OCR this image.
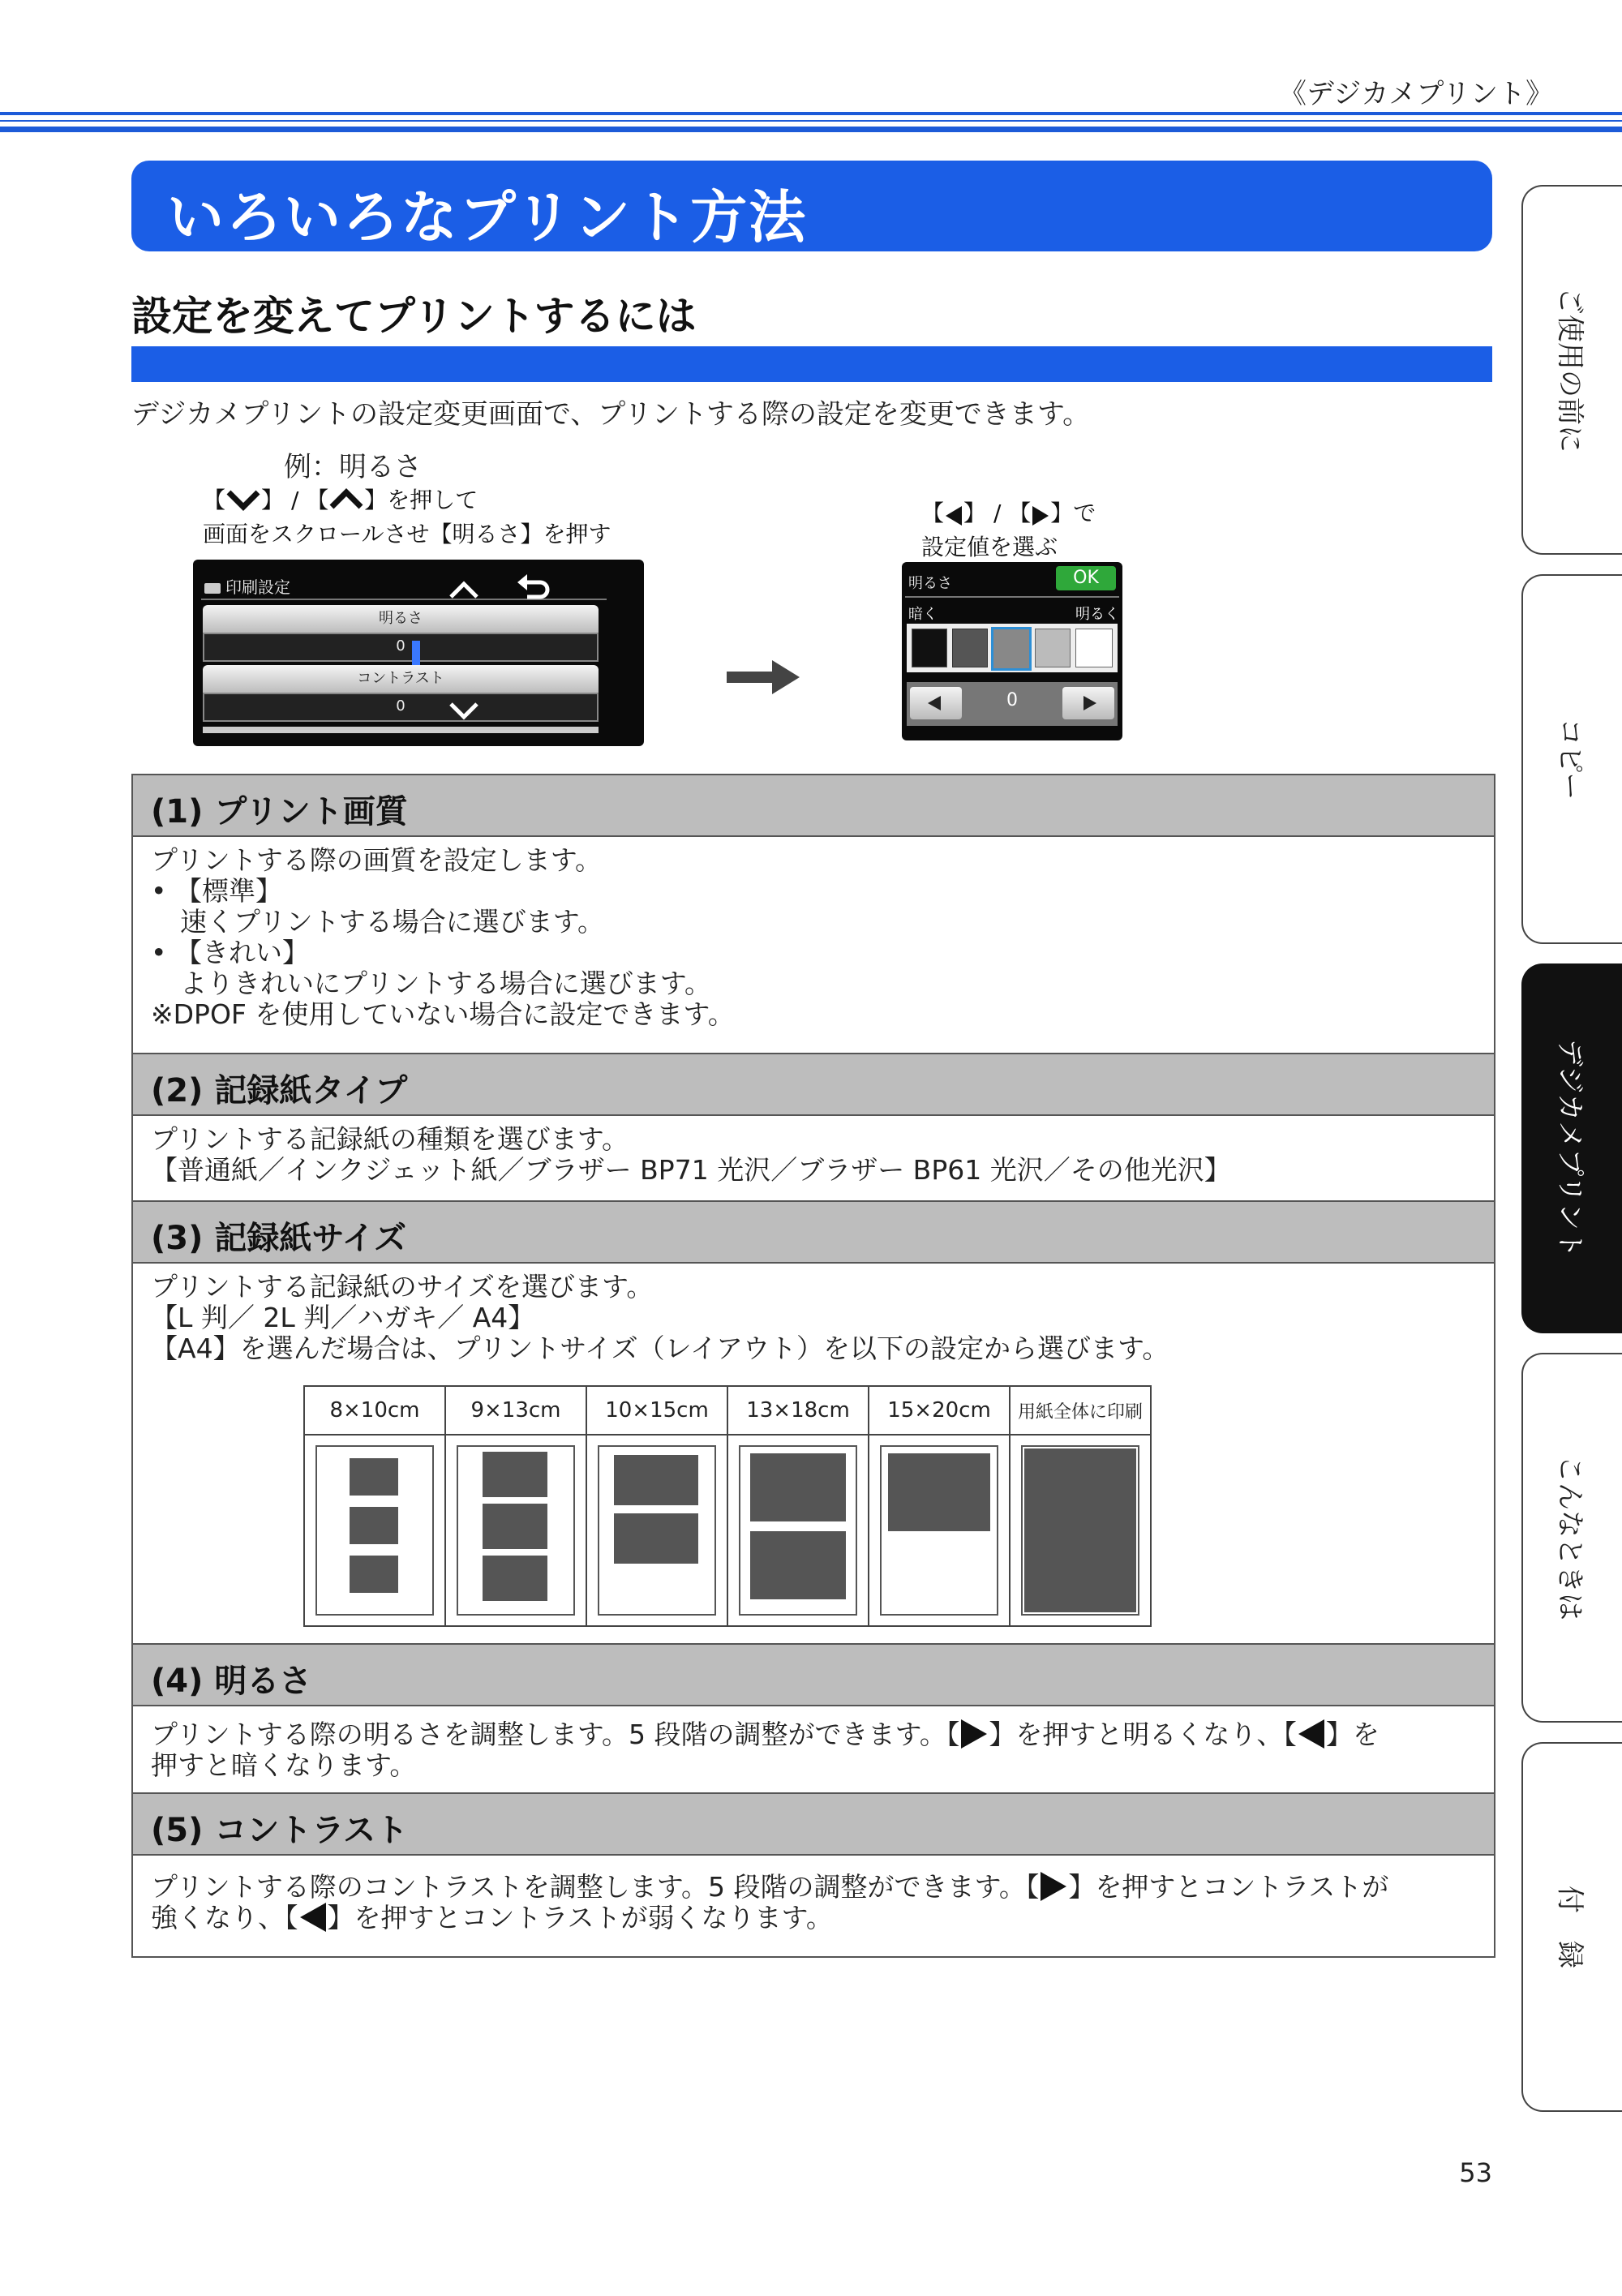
《デジカメプリント》
いろいろなプリント方法
設定を変えてプリントするには
デジカメプリントの設定変更画面で、プリントする際の設定を変更できます。
例：明るさ
【 】 / 【 】を押して
画面をスクロールさせ【明るさ】を押す
【 】 / 【 】で
設定値を選ぶ
印刷設定
明るさ
0
コントラスト
0
明るさ	OK
暗く	明るく
0
(1) プリント画質
プリントする際の画質を設定します。
• 【標準】
速くプリントする場合に選びます。
• 【きれい】
よりきれいにプリントする場合に選びます。
※DPOF を使用していない場合に設定できます。
(2) 記録紙タイプ
プリントする記録紙の種類を選びます。
【普通紙／インクジェット紙／ブラザー BP71 光沢／ブラザー BP61 光沢／その他光沢】
(3) 記録紙サイズ
プリントする記録紙のサイズを選びます。
【L 判／ 2L 判／ハガキ／ A4】
【A4】を選んだ場合は、プリントサイズ（レイアウト）を以下の設定から選びます。
8×10cm	9×13cm	10×15cm	13×18cm	15×20cm	用紙全体に印刷

(4) 明るさ
プリントする際の明るさを調整します。5 段階の調整ができます。【 】を押すと明るくなり、【 】を
押すと暗くなります。
(5) コントラスト
プリントする際のコントラストを調整します。5 段階の調整ができます。【 】を押すとコントラストが
強くなり、【 】を押すとコントラストが弱くなります。
ご使用の前に
コピー
デジカメプリント
こんなときは
付　録
53
